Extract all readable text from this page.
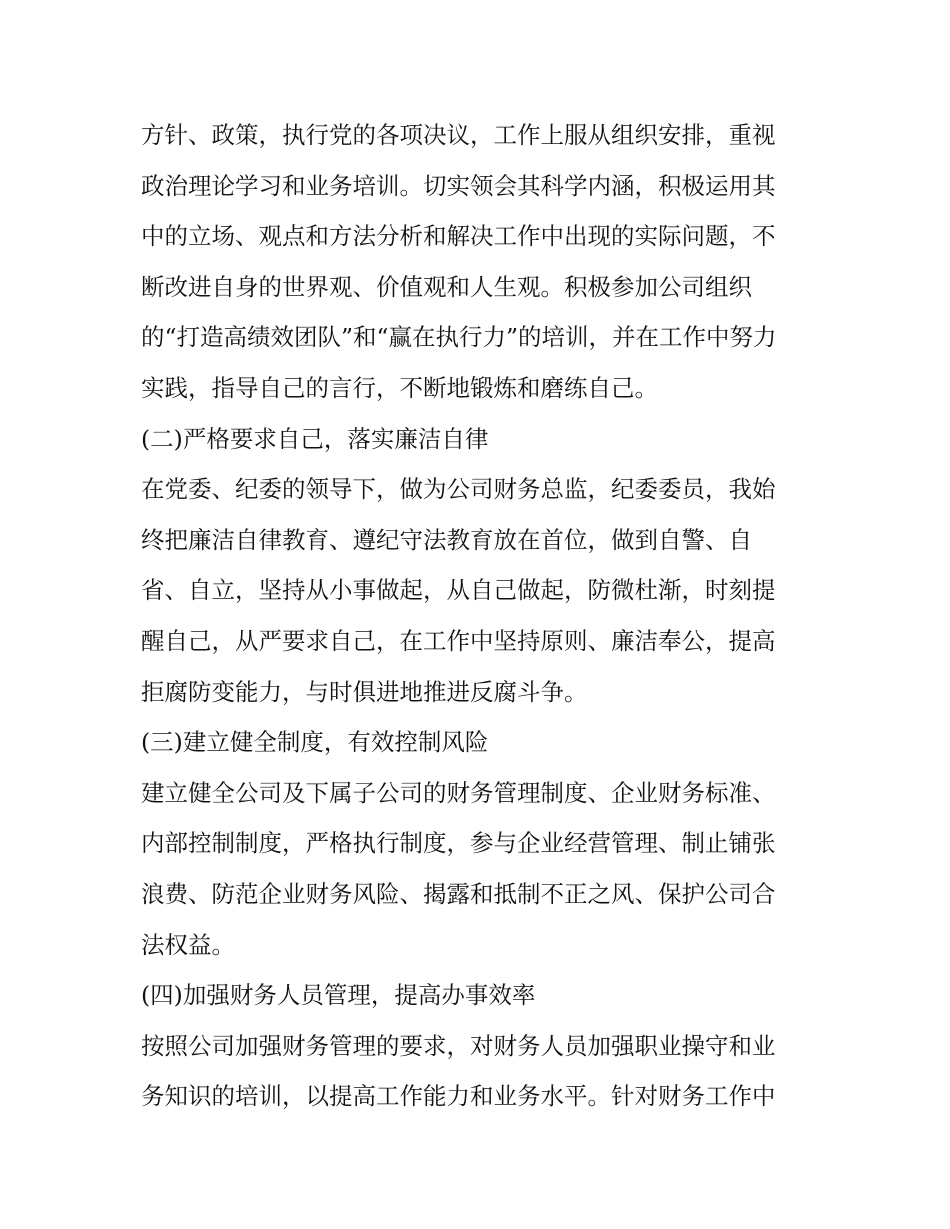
方针、政策，执行党的各项决议，工作上服从组织安排，重视
政治理论学习和业务培训。切实领会其科学内涵，积极运用其
中的立场、观点和方法分析和解决工作中出现的实际问题，不
断改进自身的世界观、价值观和人生观。积极参加公司组织
的“打造高绩效团队”和“赢在执行力”的培训，并在工作中努力
实践，指导自己的言行，不断地锻炼和磨练自己。
(二)严格要求自己，落实廉洁自律
在党委、纪委的领导下，做为公司财务总监，纪委委员，我始
终把廉洁自律教育、遵纪守法教育放在首位，做到自警、自
省、自立，坚持从小事做起，从自己做起，防微杜渐，时刻提
醒自己，从严要求自己，在工作中坚持原则、廉洁奉公，提高
拒腐防变能力，与时俱进地推进反腐斗争。
(三)建立健全制度，有效控制风险
建立健全公司及下属子公司的财务管理制度、企业财务标准、
内部控制制度，严格执行制度，参与企业经营管理、制止铺张
浪费、防范企业财务风险、揭露和抵制不正之风、保护公司合
法权益。
(四)加强财务人员管理，提高办事效率
按照公司加强财务管理的要求，对财务人员加强职业操守和业
务知识的培训，以提高工作能力和业务水平。针对财务工作中
